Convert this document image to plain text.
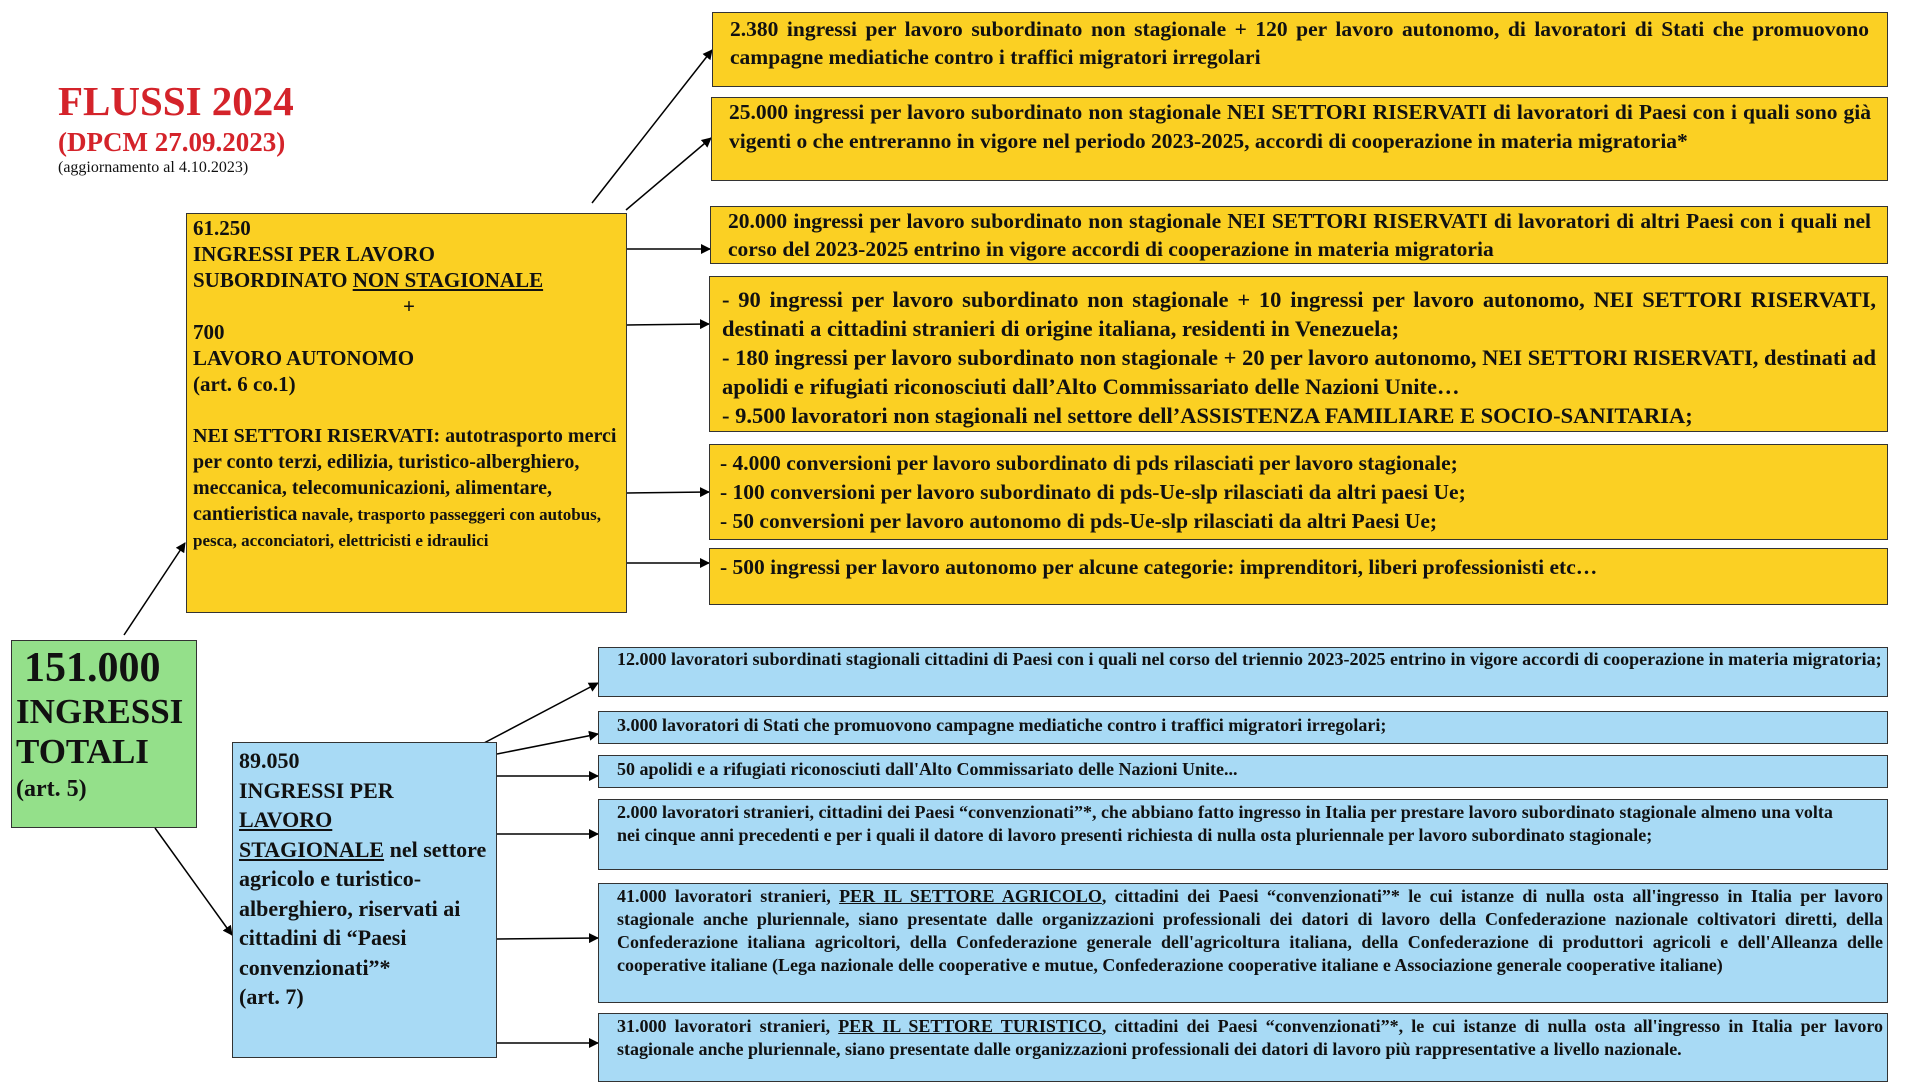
FLUSSI 2024
(DPCM 27.09.2023)
(aggiornamento al 4.10.2023)
151.000
INGRESSI
TOTALI
(art. 5)
61.250
INGRESSI PER LAVORO
SUBORDINATO NON STAGIONALE
+
700
LAVORO AUTONOMO
(art. 6 co.1)
NEI SETTORI RISERVATI: autotrasporto merci per conto terzi, edilizia, turistico-alberghiero, meccanica, telecomunicazioni, alimentare, cantieristica navale, trasporto passeggeri con autobus, pesca, acconciatori, elettricisti e idraulici
89.050
INGRESSI PER
LAVORO
STAGIONALE nel settore agricolo e turistico-alberghiero, riservati ai cittadini di “Paesi convenzionati”*
(art. 7)

2.380 ingressi per lavoro subordinato non stagionale + 120 per lavoro autonomo, di lavoratori di Stati che promuovono campagne mediatiche contro i traffici migratori irregolari

25.000 ingressi per lavoro subordinato non stagionale NEI SETTORI RISERVATI di lavoratori di Paesi con i quali sono già vigenti o che entreranno in vigore nel periodo 2023-2025, accordi di cooperazione in materia migratoria*

20.000 ingressi per lavoro subordinato non stagionale NEI SETTORI RISERVATI di lavoratori di altri Paesi con i quali nel corso del 2023-2025 entrino in vigore accordi di cooperazione in materia migratoria

- 90 ingressi per lavoro subordinato non stagionale + 10 ingressi per lavoro autonomo, NEI SETTORI RISERVATI, destinati a cittadini stranieri di origine italiana, residenti in Venezuela;

- 180 ingressi per lavoro subordinato non stagionale + 20 per lavoro autonomo, NEI SETTORI RISERVATI, destinati ad apolidi e rifugiati riconosciuti dall’Alto Commissariato delle Nazioni Unite…

- 9.500 lavoratori non stagionali nel settore dell’ASSISTENZA FAMILIARE E SOCIO-SANITARIA;

- 4.000 conversioni per lavoro subordinato di pds rilasciati per lavoro stagionale;

- 100 conversioni per lavoro subordinato di pds-Ue-slp rilasciati da altri paesi Ue;

- 50 conversioni per lavoro autonomo di pds-Ue-slp rilasciati da altri Paesi Ue;

- 500 ingressi per lavoro autonomo per alcune categorie: imprenditori, liberi professionisti etc…

12.000 lavoratori subordinati stagionali cittadini di Paesi con i quali nel corso del triennio 2023-2025 entrino in vigore accordi di cooperazione in materia migratoria;

3.000 lavoratori di Stati che promuovono campagne mediatiche contro i traffici migratori irregolari;

50 apolidi e a rifugiati riconosciuti dall'Alto Commissariato delle Nazioni Unite...

2.000 lavoratori stranieri, cittadini dei Paesi “convenzionati”*, che abbiano fatto ingresso in Italia per prestare lavoro subordinato stagionale almeno una volta nei cinque anni precedenti e per i quali il datore di lavoro presenti richiesta di nulla osta pluriennale per lavoro subordinato stagionale;

41.000 lavoratori stranieri, PER IL SETTORE AGRICOLO, cittadini dei Paesi “convenzionati”* le cui istanze di nulla osta all'ingresso in Italia per lavoro stagionale anche pluriennale, siano presentate dalle organizzazioni professionali dei datori di lavoro della Confederazione nazionale coltivatori diretti, della Confederazione italiana agricoltori, della Confederazione generale dell'agricoltura italiana, della Confederazione di produttori agricoli e dell'Alleanza delle cooperative italiane (Lega nazionale delle cooperative e mutue, Confederazione cooperative italiane e Associazione generale cooperative italiane)

31.000 lavoratori stranieri, PER IL SETTORE TURISTICO, cittadini dei Paesi “convenzionati”*, le cui istanze di nulla osta all'ingresso in Italia per lavoro stagionale anche pluriennale, siano presentate dalle organizzazioni professionali dei datori di lavoro più rappresentative a livello nazionale.
